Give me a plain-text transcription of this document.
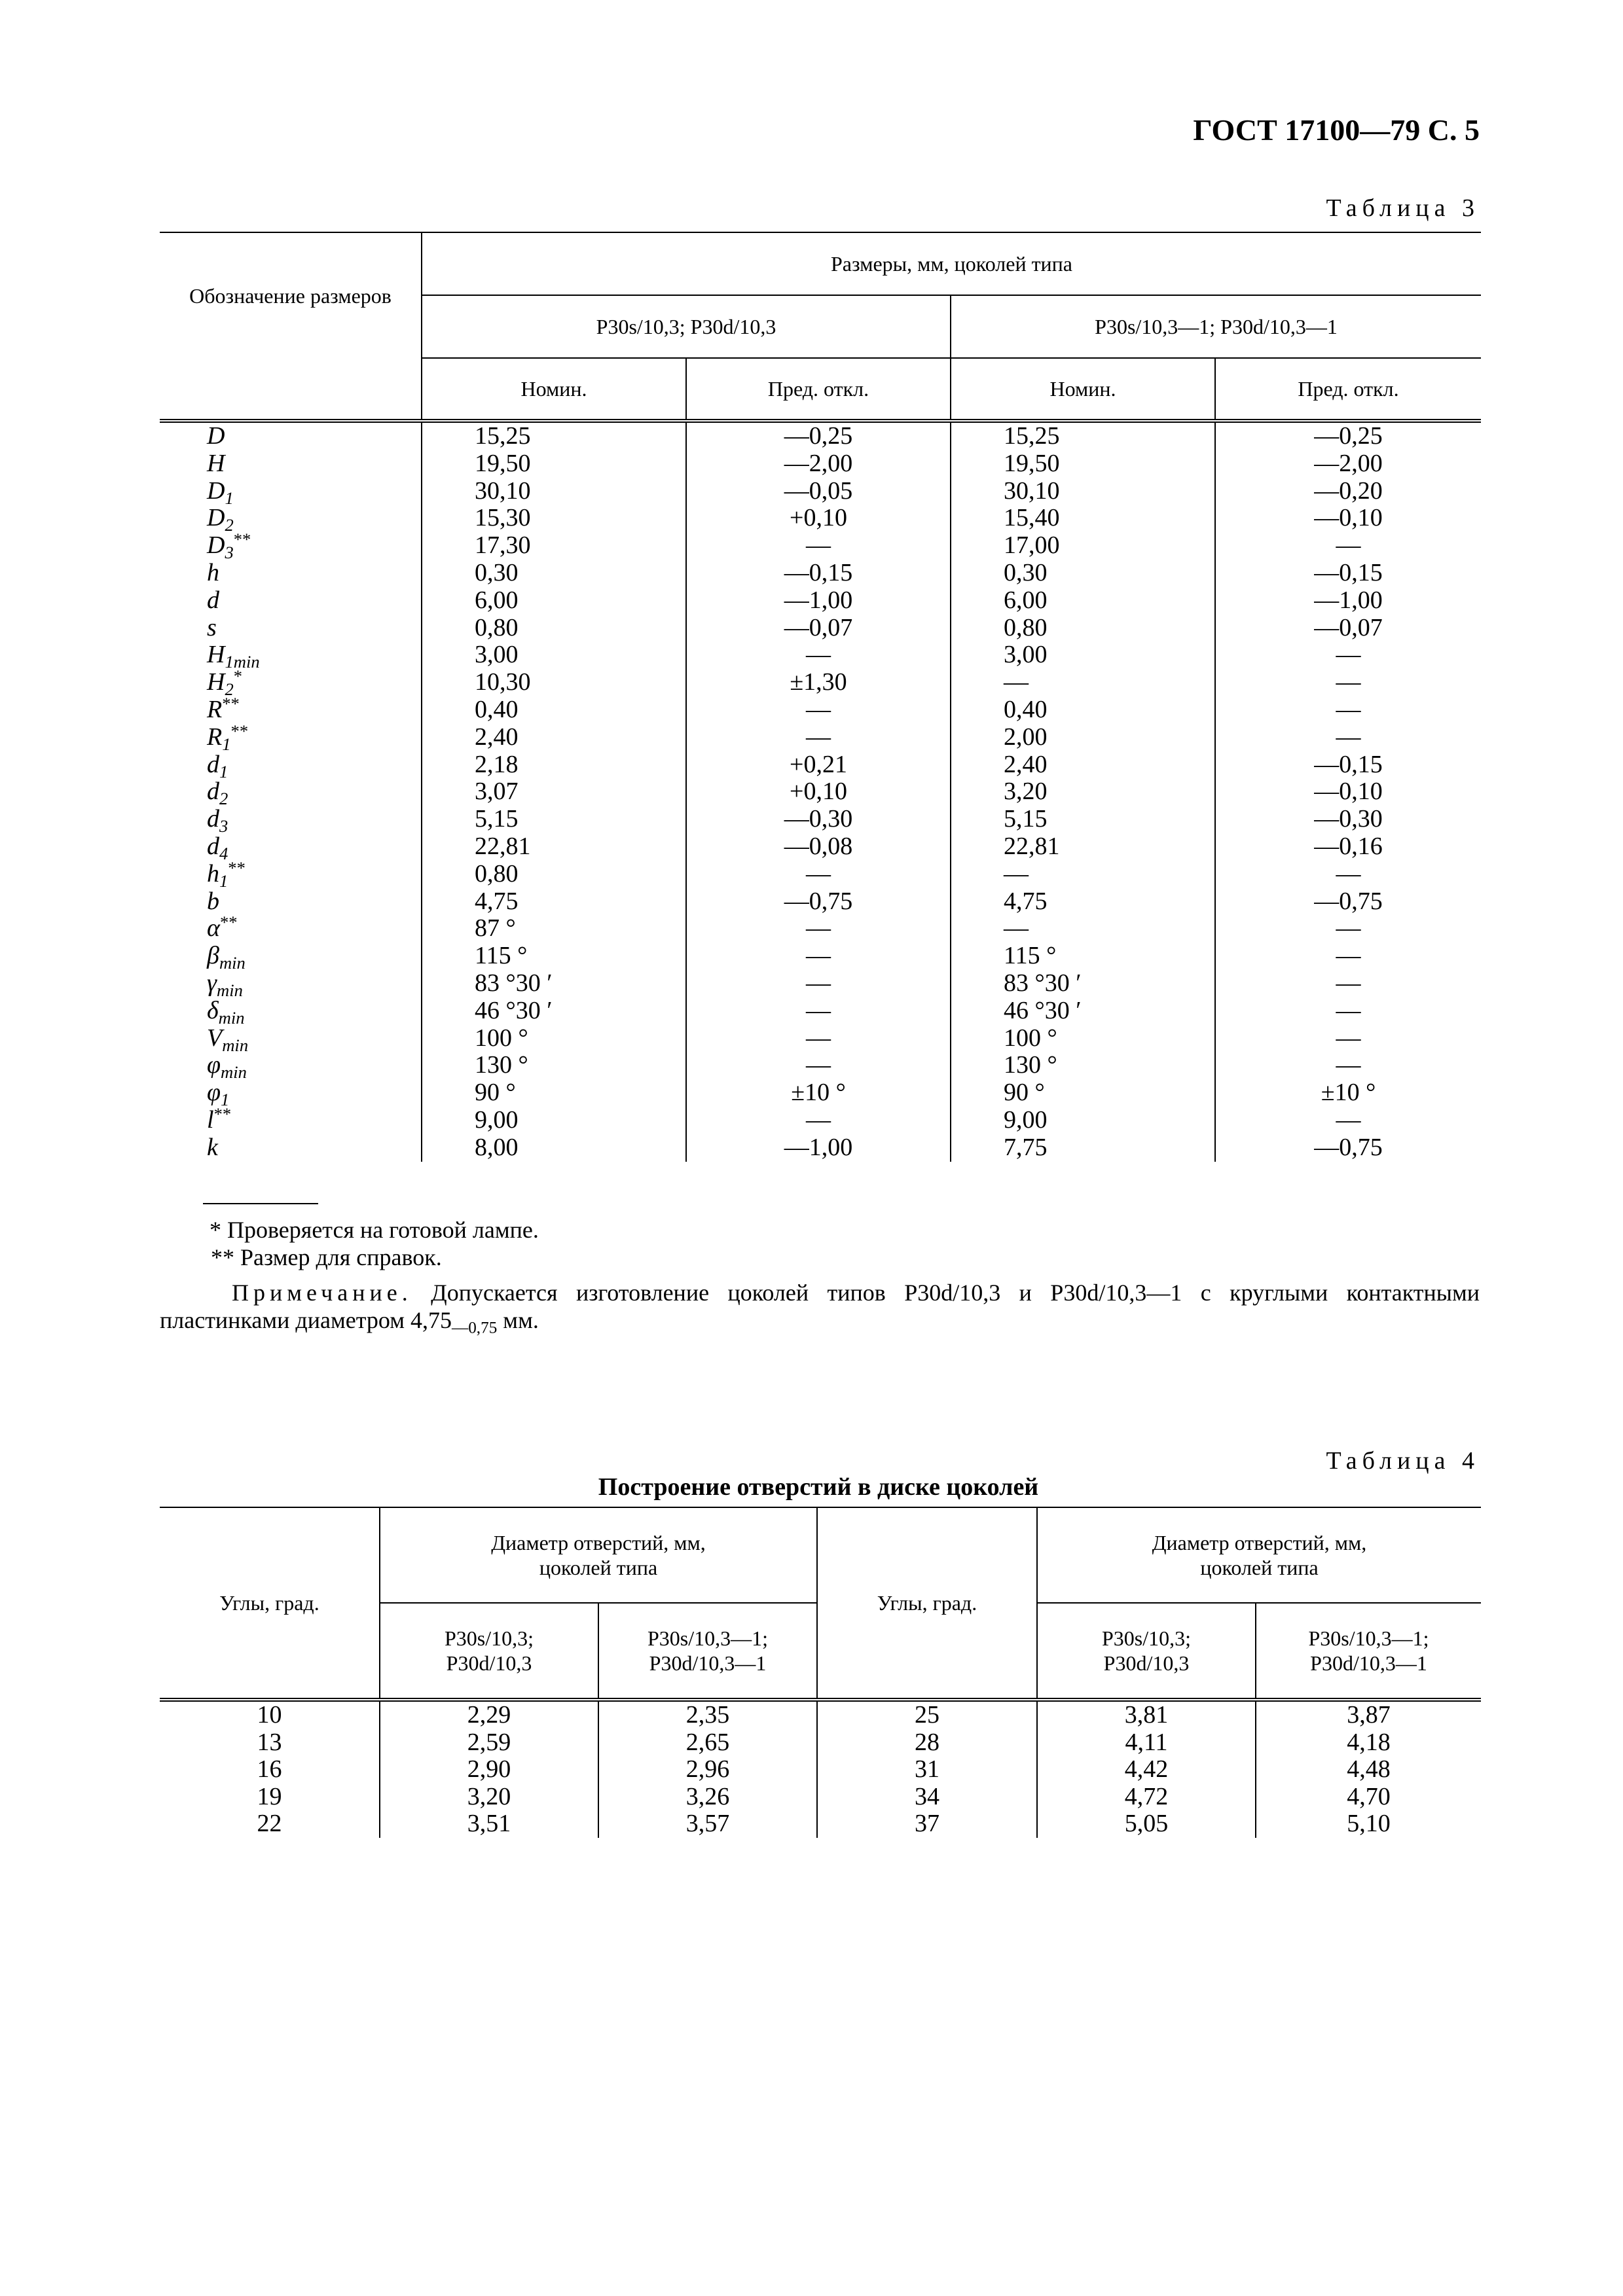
ГОСТ 17100—79 С. 5
Таблица 3
Обозначение размеров	Размеры, мм, цоколей типа			
	P30s/10,3; P30d/10,3		P30s/10,3—1; P30d/10,3—1	
	Номин.	Пред. откл.	Номин.	Пред. откл.
D	15,25	—0,25	15,25	—0,25
H	19,50	—2,00	19,50	—2,00
$D_1$	30,10	—0,05	30,10	—0,20
$D_2$	15,30	+0,10	15,40	—0,10
$D_3^{**}$	17,30	—	17,00	—
h	0,30	—0,15	0,30	—0,15
d	6,00	—1,00	6,00	—1,00
s	0,80	—0,07	0,80	—0,07
$H_{1min}$	3,00	—	3,00	—
$H_2^*$	10,30	±1,30	—	—
R**	0,40	—	0,40	—
$R_1^{**}$	2,40	—	2,00	—
$d_1$	2,18	+0,21	2,40	—0,15
$d_2$	3,07	+0,10	3,20	—0,10
$d_3$	5,15	—0,30	5,15	—0,30
$d_4$	22,81	—0,08	22,81	—0,16
$h_1^{**}$	0,80	—	—	—
b	4,75	—0,75	4,75	—0,75
α**	87 °	—	—	—
$\beta_{min}$	115 °	—	115 °	—
$\gamma_{min}$	83 °30 ′	—	83 °30 ′	—
$\delta_{min}$	46 °30 ′	—	46 °30 ′	—
$V_{min}$	100 °	—	100 °	—
$\varphi_{min}$	130 °	—	130 °	—
$\varphi_1$	90 °	±10 °	90 °	±10 °
l**	9,00	—	9,00	—
k	8,00	—1,00	7,75	—0,75
* Проверяется на готовой лампе.
** Размер для справок.
Примечание. Допускается изготовление цоколей типов P30d/10,3 и P30d/10,3—1 с круглыми контактными пластинками диаметром $4,75_{—0,75}$ мм.
Таблица 4
Построение отверстий в диске цоколей
Углы, град.	Диаметр отверстий, мм, цоколей типа		Углы, град.	Диаметр отверстий, мм, цоколей типа	
	P30s/10,3; P30d/10,3	P30s/10,3—1; P30d/10,3—1		P30s/10,3; P30d/10,3	P30s/10,3—1; P30d/10,3—1
10	2,29	2,35	25	3,81	3,87
13	2,59	2,65	28	4,11	4,18
16	2,90	2,96	31	4,42	4,48
19	3,20	3,26	34	4,72	4,70
22	3,51	3,57	37	5,05	5,10
